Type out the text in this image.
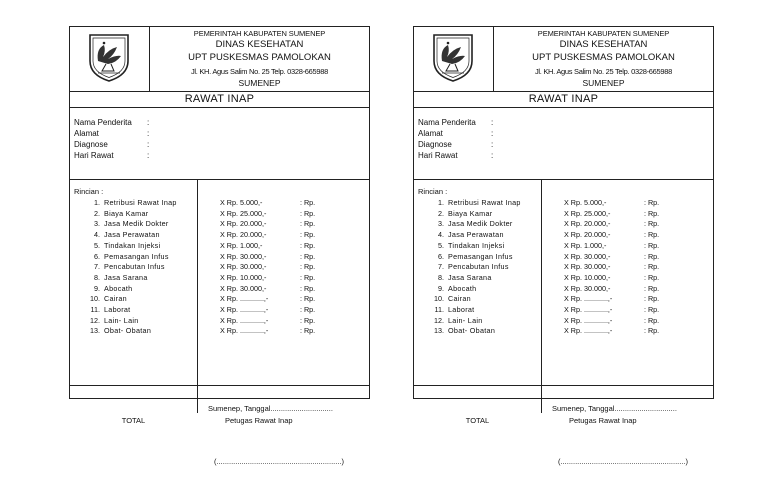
PEMERINTAH KABUPATEN SUMENEP
DINAS KESEHATAN
UPT PUSKESMAS PAMOLOKAN
Jl. KH. Agus Salim No. 25 Telp. 0328-665988
SUMENEP
RAWAT INAP
Nama Penderita :
Alamat	:
Diagnose	:
Hari Rawat	:
Rincian :
1. Retribusi Rawat Inap	X Rp. 5.000,-	: Rp.
2. Biaya Kamar	X Rp. 25.000,-	: Rp.
3. Jasa Medik Dokter	X Rp. 20.000,-	: Rp.
4. Jasa Perawatan	X Rp. 20.000,-	: Rp.
5. Tindakan Injeksi	X Rp. 1.000,-	: Rp.
6. Pemasangan Infus	X Rp. 30.000,-	: Rp.
7. Pencabutan Infus	X Rp. 30.000,-	: Rp.
8. Jasa Sarana	X Rp. 10.000,-	: Rp.
9. Abocath	X Rp. 30.000,-	: Rp.
10. Cairan	X Rp. ............,-	: Rp.
11. Laborat	X Rp. ............,-	: Rp.
12. Lain- Lain	X Rp. ............,-	: Rp.
13. Obat- Obatan	X Rp. ............,-	: Rp.
TOTAL
Sumenep, Tanggal..............................
Petugas Rawat Inap
(............................................................)
PEMERINTAH KABUPATEN SUMENEP
DINAS KESEHATAN
UPT PUSKESMAS PAMOLOKAN
Jl. KH. Agus Salim No. 25 Telp. 0328-665988
SUMENEP
RAWAT INAP
Nama Penderita :
Alamat	:
Diagnose	:
Hari Rawat	:
Rincian :
1. Retribusi Rawat Inap	X Rp. 5.000,-	: Rp.
2. Biaya Kamar	X Rp. 25.000,-	: Rp.
3. Jasa Medik Dokter	X Rp. 20.000,-	: Rp.
4. Jasa Perawatan	X Rp. 20.000,-	: Rp.
5. Tindakan Injeksi	X Rp. 1.000,-	: Rp.
6. Pemasangan Infus	X Rp. 30.000,-	: Rp.
7. Pencabutan Infus	X Rp. 30.000,-	: Rp.
8. Jasa Sarana	X Rp. 10.000,-	: Rp.
9. Abocath	X Rp. 30.000,-	: Rp.
10. Cairan	X Rp. ............,-	: Rp.
11. Laborat	X Rp. ............,-	: Rp.
12. Lain- Lain	X Rp. ............,-	: Rp.
13. Obat- Obatan	X Rp. ............,-	: Rp.
TOTAL
Sumenep, Tanggal..............................
Petugas Rawat Inap
(............................................................)
